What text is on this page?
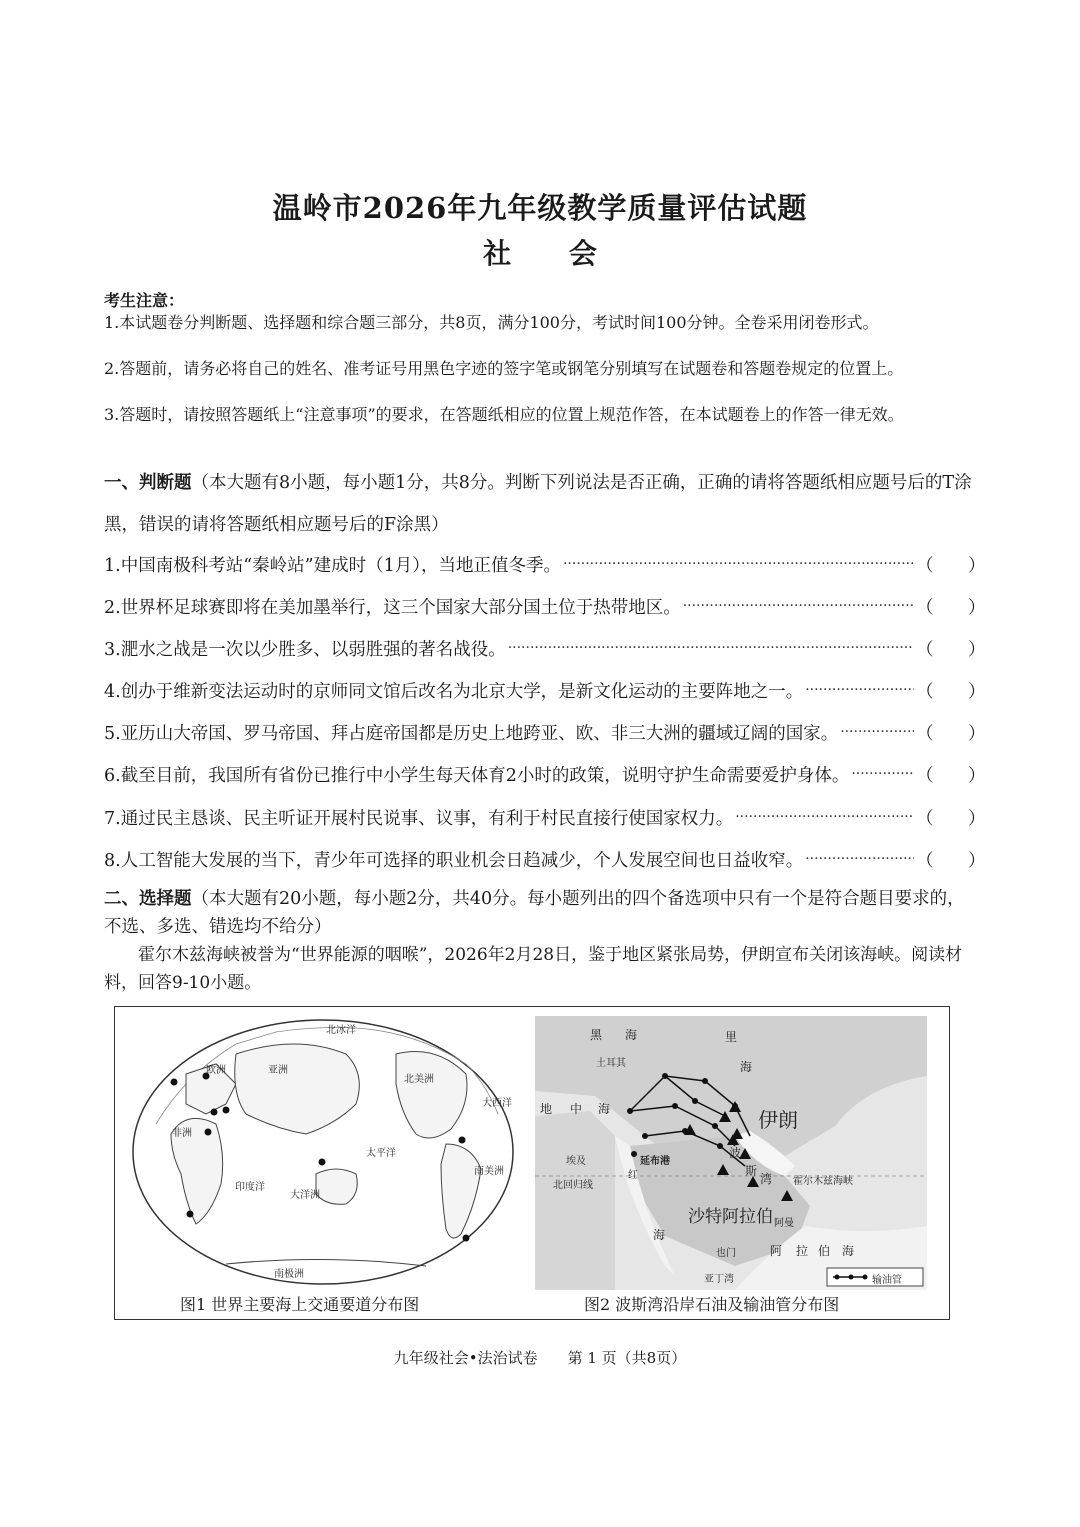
温岭市2026年九年级教学质量评估试题
社 会
考生注意：
1.本试题卷分判断题、选择题和综合题三部分，共8页，满分100分，考试时间100分钟。全卷采用闭卷形式。
2.答题前，请务必将自己的姓名、准考证号用黑色字迹的签字笔或钢笔分别填写在试题卷和答题卷规定的位置上。
3.答题时，请按照答题纸上“注意事项”的要求，在答题纸相应的位置上规范作答，在本试题卷上的作答一律无效。
一、判断题（本大题有8小题，每小题1分，共8分。判断下列说法是否正确，正确的请将答题纸相应题号后的T涂黑，错误的请将答题纸相应题号后的F涂黑）
1.中国南极科考站“秦岭站”建成时（1月），当地正值冬季。 ·····	（ ）
2.世界杯足球赛即将在美加墨举行，这三个国家大部分国土位于热带地区。 ·····	（ ）
3.淝水之战是一次以少胜多、以弱胜强的著名战役。 ·····	（ ）
4.创办于维新变法运动时的京师同文馆后改名为北京大学，是新文化运动的主要阵地之一。 ·····	（ ）
5.亚历山大帝国、罗马帝国、拜占庭帝国都是历史上地跨亚、欧、非三大洲的疆域辽阔的国家。 ·····	（ ）
6.截至目前，我国所有省份已推行中小学生每天体育2小时的政策，说明守护生命需要爱护身体。 ·····	（ ）
7.通过民主恳谈、民主听证开展村民说事、议事，有利于村民直接行使国家权力。 ·····	（ ）
8.人工智能大发展的当下，青少年可选择的职业机会日趋减少，个人发展空间也日益收窄。 ·····	（ ）
二、选择题（本大题有20小题，每小题2分，共40分。每小题列出的四个备选项中只有一个是符合题目要求的，不选、多选、错选均不给分）
霍尔木兹海峡被誉为“世界能源的咽喉”，2026年2月28日，鉴于地区紧张局势，伊朗宣布关闭该海峡。阅读材料，回答9-10小题。
北冰洋
欧洲	亚洲
北美洲
大西洋
非洲
太平洋
印度洋
大洋洲
南美洲
南极洲
图1 世界主要海上交通要道分布图
黑 海	里
海
土耳其
地 中 海	伊朗
埃及	延布港
红
波
斯
湾
北回归线	霍尔木兹海峡
沙特阿拉伯 阿曼
海
也门	阿 拉 伯 海
亚丁湾	输油管
图2 波斯湾沿岸石油及输油管分布图
九年级社会•法治试卷　　第 1 页（共8页）
